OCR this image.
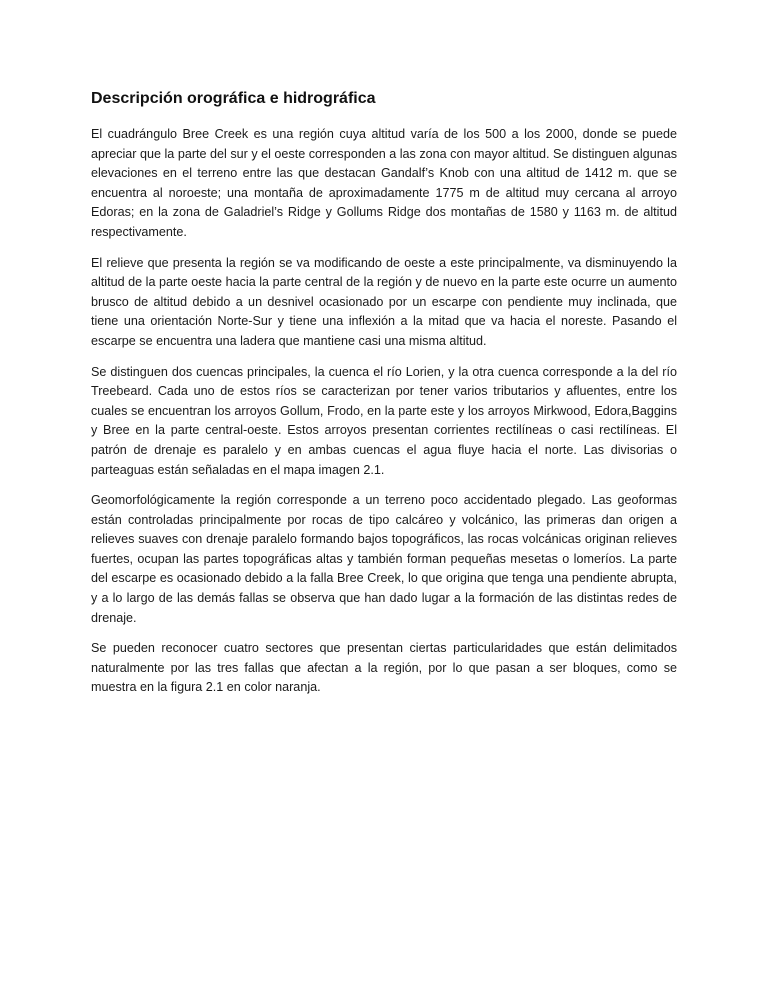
Descripción orográfica e hidrográfica

El cuadrángulo Bree Creek es una región cuya altitud varía de los 500 a los 2000, donde se puede apreciar que la parte del sur y el oeste corresponden a las zona con mayor altitud. Se distinguen algunas elevaciones en el terreno entre las que destacan Gandalf’s Knob con una altitud de 1412 m. que se encuentra al noroeste; una montaña de aproximadamente 1775 m de altitud muy cercana al arroyo Edoras; en la zona de Galadriel’s Ridge y Gollums Ridge dos montañas de 1580 y 1163 m. de altitud respectivamente.

El relieve que presenta la región se va modificando de oeste a este principalmente, va disminuyendo la altitud de la parte oeste hacia la parte central de la región y de nuevo en la parte este ocurre un aumento brusco de altitud debido a un desnivel ocasionado por un escarpe con pendiente muy inclinada, que tiene una orientación Norte-Sur y tiene una inflexión a la mitad que va hacia el noreste. Pasando el escarpe se encuentra una ladera que mantiene casi una misma altitud.

Se distinguen dos cuencas principales, la cuenca el río Lorien, y la otra cuenca corresponde a la del río Treebeard. Cada uno de estos ríos se caracterizan por tener varios tributarios y afluentes, entre los cuales se encuentran los arroyos Gollum, Frodo, en la parte este y los arroyos Mirkwood, Edora,Baggins y Bree en la parte central-oeste. Estos arroyos presentan corrientes rectilíneas o casi rectilíneas. El patrón de drenaje es paralelo y en ambas cuencas el agua fluye hacia el norte. Las divisorias o parteaguas están señaladas en el mapa imagen 2.1.

Geomorfológicamente la región corresponde a un terreno poco accidentado plegado. Las geoformas están controladas principalmente por rocas de tipo calcáreo y volcánico, las primeras dan origen a relieves suaves con drenaje paralelo formando bajos topográficos, las rocas volcánicas originan relieves fuertes, ocupan las partes topográficas altas y también forman pequeñas mesetas o lomeríos. La parte del escarpe es ocasionado debido a la falla Bree Creek, lo que origina que tenga una pendiente abrupta, y a lo largo de las demás fallas se observa que han dado lugar a la formación de las distintas redes de drenaje.

Se pueden reconocer cuatro sectores que presentan ciertas particularidades que están delimitados naturalmente por las tres fallas que afectan a la región, por lo que pasan a ser bloques, como se muestra en la figura 2.1 en color naranja.
